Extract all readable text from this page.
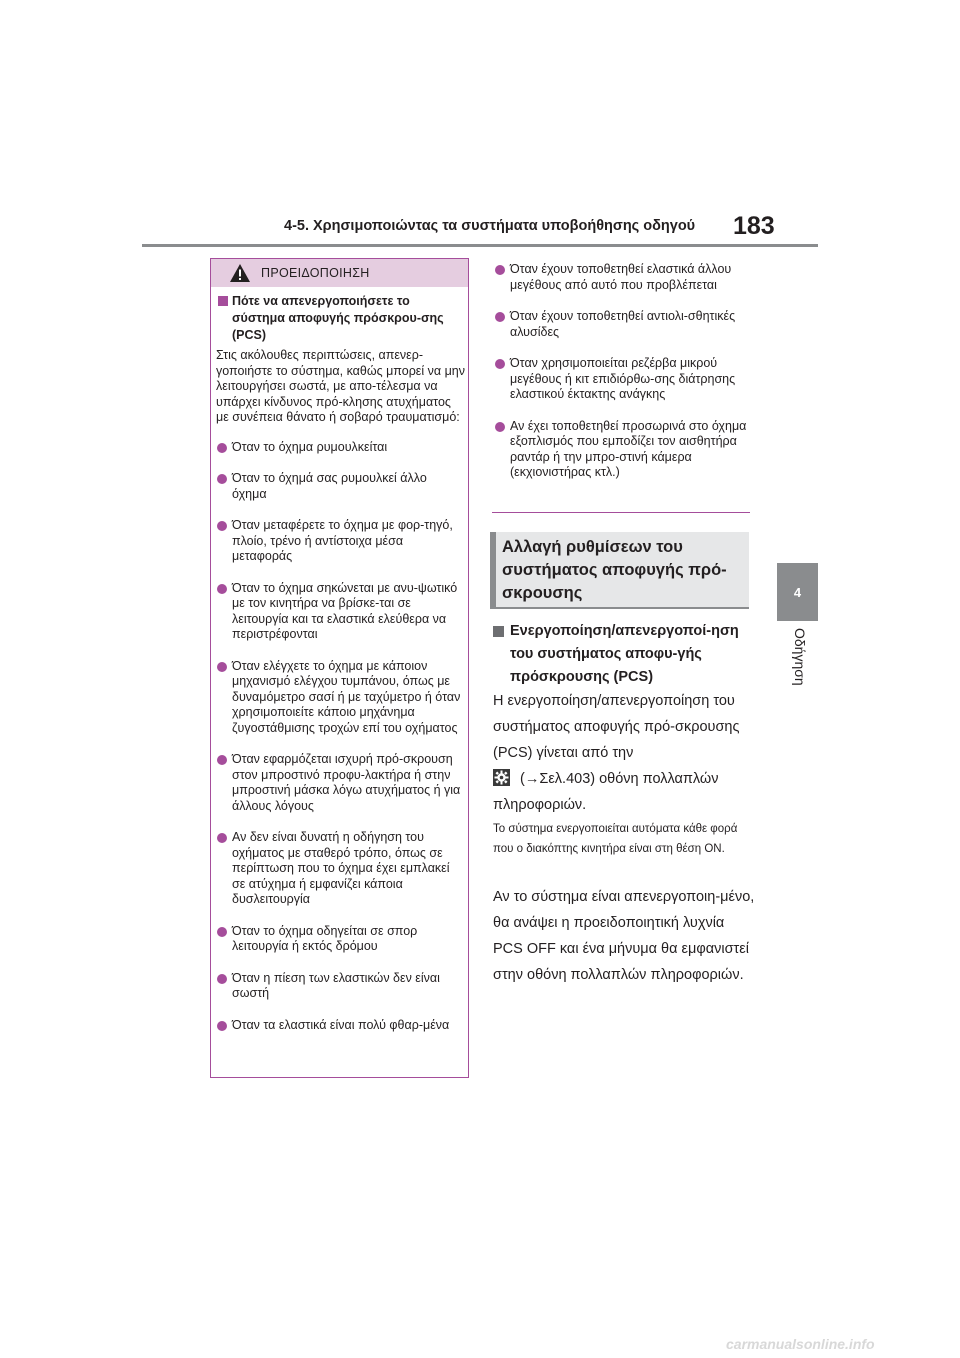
4-5. Χρησιμοποιώντας τα συστήματα υποβοήθησης οδηγού 183
4
Οδήγηση
ΠΡΟΕΙΔΟΠΟΙΗΣΗ
Πότε να απενεργοποιήσετε το σύστημα αποφυγής πρόσκρου-σης (PCS)
Στις ακόλουθες περιπτώσεις, απενερ-γοποιήστε το σύστημα, καθώς μπορεί να μην λειτουργήσει σωστά, με απο-τέλεσμα να υπάρχει κίνδυνος πρό-κλησης ατυχήματος με συνέπεια θάνατο ή σοβαρό τραυματισμό:
Όταν το όχημα ρυμουλκείται
Όταν το όχημά σας ρυμουλκεί άλλο όχημα
Όταν μεταφέρετε το όχημα με φορ-τηγό, πλοίο, τρένο ή αντίστοιχα μέσα μεταφοράς
Όταν το όχημα σηκώνεται με ανυ-ψωτικό με τον κινητήρα να βρίσκε-ται σε λειτουργία και τα ελαστικά ελεύθερα να περιστρέφονται
Όταν ελέγχετε το όχημα με κάποιον μηχανισμό ελέγχου τυμπάνου, όπως με δυναμόμετρο σασί ή με ταχύμετρο ή όταν χρησιμοποιείτε κάποιο μηχάνημα ζυγοστάθμισης τροχών επί του οχήματος
Όταν εφαρμόζεται ισχυρή πρό-σκρουση στον μπροστινό προφυ-λακτήρα ή στην μπροστινή μάσκα λόγω ατυχήματος ή για άλλους λόγους
Αν δεν είναι δυνατή η οδήγηση του οχήματος με σταθερό τρόπο, όπως σε περίπτωση που το όχημα έχει εμπλακεί σε ατύχημα ή εμφανίζει κάποια δυσλειτουργία
Όταν το όχημα οδηγείται σε σπορ λειτουργία ή εκτός δρόμου
Όταν η πίεση των ελαστικών δεν είναι σωστή
Όταν τα ελαστικά είναι πολύ φθαρ-μένα
Όταν έχουν τοποθετηθεί ελαστικά άλλου μεγέθους από αυτό που προβλέπεται
Όταν έχουν τοποθετηθεί αντιολι-σθητικές αλυσίδες
Όταν χρησιμοποιείται ρεζέρβα μικρού μεγέθους ή κιτ επιδιόρθω-σης διάτρησης ελαστικού έκτακτης ανάγκης
Αν έχει τοποθετηθεί προσωρινά στο όχημα εξοπλισμός που εμποδίζει τον αισθητήρα ραντάρ ή την μπρο-στινή κάμερα (εκχιονιστήρας κτλ.)
Αλλαγή ρυθμίσεων του συστήματος αποφυγής πρό-σκρουσης
Ενεργοποίηση/απενεργοποί-ηση του συστήματος αποφυ-γής πρόσκρουσης (PCS)
Η ενεργοποίηση/απενεργοποίηση του συστήματος αποφυγής πρό-σκρουσης (PCS) γίνεται από την

(→Σελ.403) οθόνη πολλαπλών πληροφοριών.
Το σύστημα ενεργοποιείται αυτόματα κάθε φορά που ο διακόπτης κινητήρα είναι στη θέση ON.
Αν το σύστημα είναι απενεργοποιη-μένο, θα ανάψει η προειδοποιητική λυχνία PCS OFF και ένα μήνυμα θα εμφανιστεί στην οθόνη πολλαπλών πληροφοριών.
carmanualsonline.info
